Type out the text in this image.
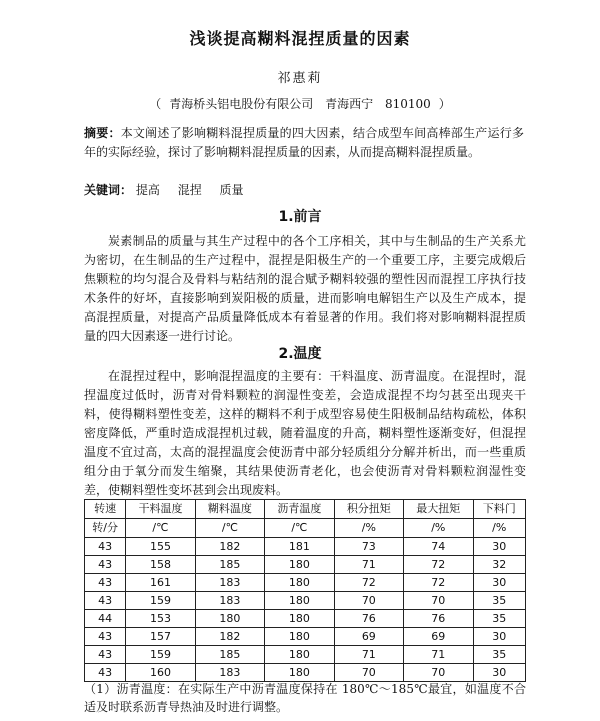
浅谈提高糊料混捏质量的因素
祁惠莉
（ 青海桥头铝电股份有限公司 青海西宁 810100 ）
摘要：本文阐述了影响糊料混捏质量的四大因素，结合成型车间高棒部生产运行多年的实际经验，探讨了影响糊料混捏质量的因素，从而提高糊料混捏质量。
关键词： 提高 混捏 质量
1.前言
炭素制品的质量与其生产过程中的各个工序相关，其中与生制品的生产关系尤为密切，在生制品的生产过程中，混捏是阳极生产的一个重要工序，主要完成煅后焦颗粒的均匀混合及骨料与粘结剂的混合赋予糊料较强的塑性因而混捏工序执行技术条件的好坏，直接影响到炭阳极的质量，进而影响电解铝生产以及生产成本，提高混捏质量，对提高产品质量降低成本有着显著的作用。我们将对影响糊料混捏质量的四大因素逐一进行讨论。
2.温度
在混捏过程中，影响混捏温度的主要有：干料温度、沥青温度。在混捏时，混捏温度过低时，沥青对骨料颗粒的润湿性变差，会造成混捏不均匀甚至出现夹干料，使得糊料塑性变差，这样的糊料不利于成型容易使生阳极制品结构疏松，体积密度降低，严重时造成混捏机过载，随着温度的升高，糊料塑性逐渐变好，但混捏温度不宜过高，太高的混捏温度会使沥青中部分轻质组分分解并析出，而一些重质组分由于氧分而发生缩聚，其结果使沥青老化，也会使沥青对骨料颗粒润湿性变差，使糊料塑性变坏甚到会出现废料。
转速	干料温度	糊料温度	沥青温度	积分扭矩	最大扭矩	下料门
转/分	/℃	/℃	/℃	/%	/%	/%
43	155	182	181	73	74	30
43	158	185	180	71	72	32
43	161	183	180	72	72	30
43	159	183	180	70	70	35
44	153	180	180	76	76	35
43	157	182	180	69	69	30
43	159	185	180	71	71	35
43	160	183	180	70	70	30
（1）沥青温度：在实际生产中沥青温度保持在 180℃～185℃最宜，如温度不合适及时联系沥青导热油及时进行调整。
